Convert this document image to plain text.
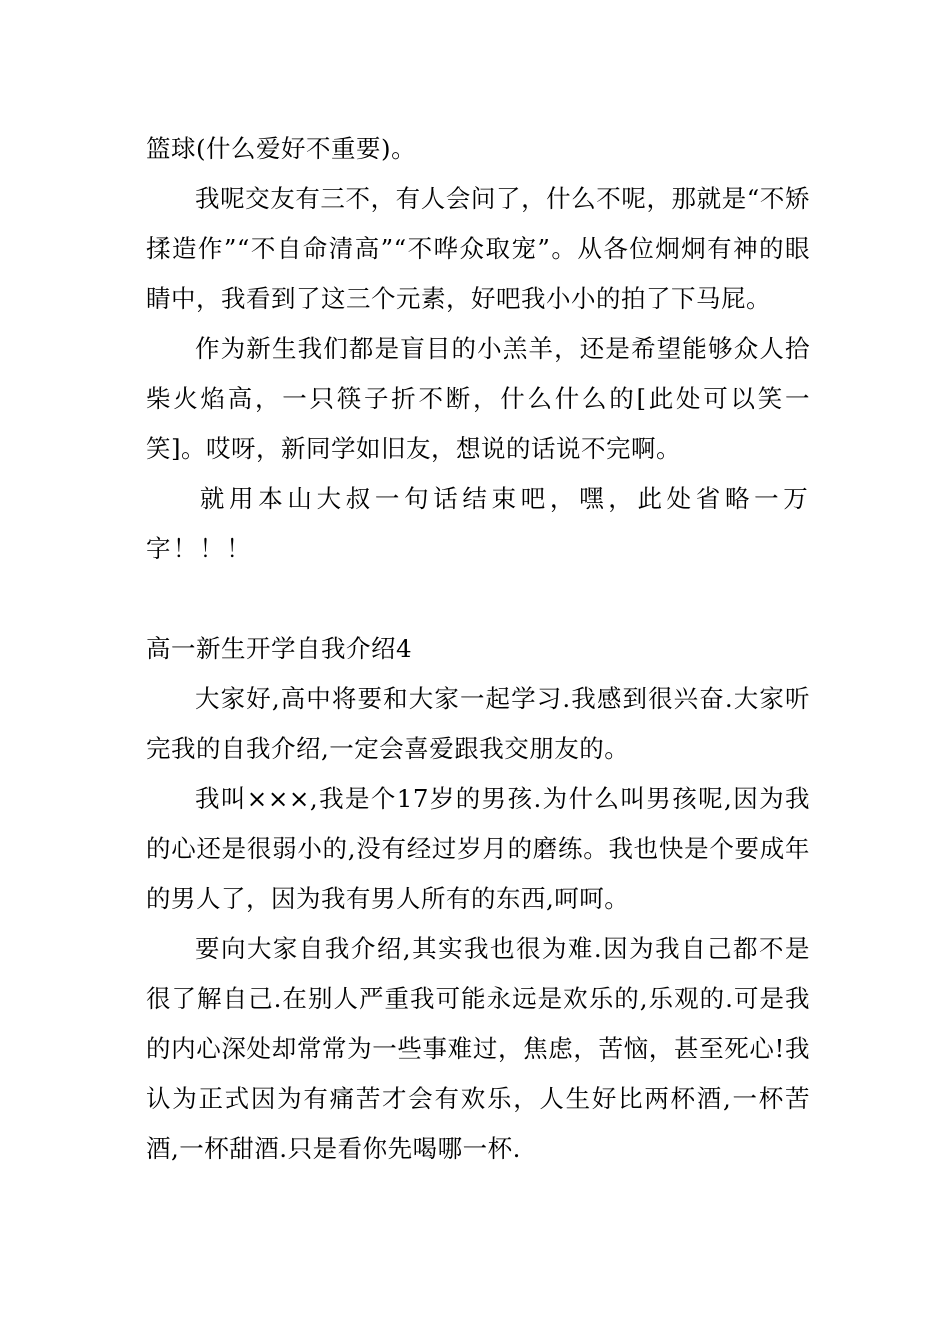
篮球(什么爱好不重要)。

我呢交友有三不，有人会问了，什么不呢，那就是“不矫揉造作”“不自命清高”“不哗众取宠”。从各位炯炯有神的眼睛中，我看到了这三个元素，好吧我小小的拍了下马屁。

作为新生我们都是盲目的小羔羊，还是希望能够众人拾柴火焰高，一只筷子折不断，什么什么的[此处可以笑一笑]。哎呀，新同学如旧友，想说的话说不完啊。

就用本山大叔一句话结束吧，嘿，此处省略一万字！！！

高一新生开学自我介绍4

大家好,高中将要和大家一起学习.我感到很兴奋.大家听完我的自我介绍,一定会喜爱跟我交朋友的。

我叫×××,我是个17岁的男孩.为什么叫男孩呢,因为我的心还是很弱小的,没有经过岁月的磨练。我也快是个要成年的男人了，因为我有男人所有的东西,呵呵。

要向大家自我介绍,其实我也很为难.因为我自己都不是很了解自己.在别人严重我可能永远是欢乐的,乐观的.可是我的内心深处却常常为一些事难过，焦虑，苦恼，甚至死心!我认为正式因为有痛苦才会有欢乐，人生好比两杯酒,一杯苦酒,一杯甜酒.只是看你先喝哪一杯.
